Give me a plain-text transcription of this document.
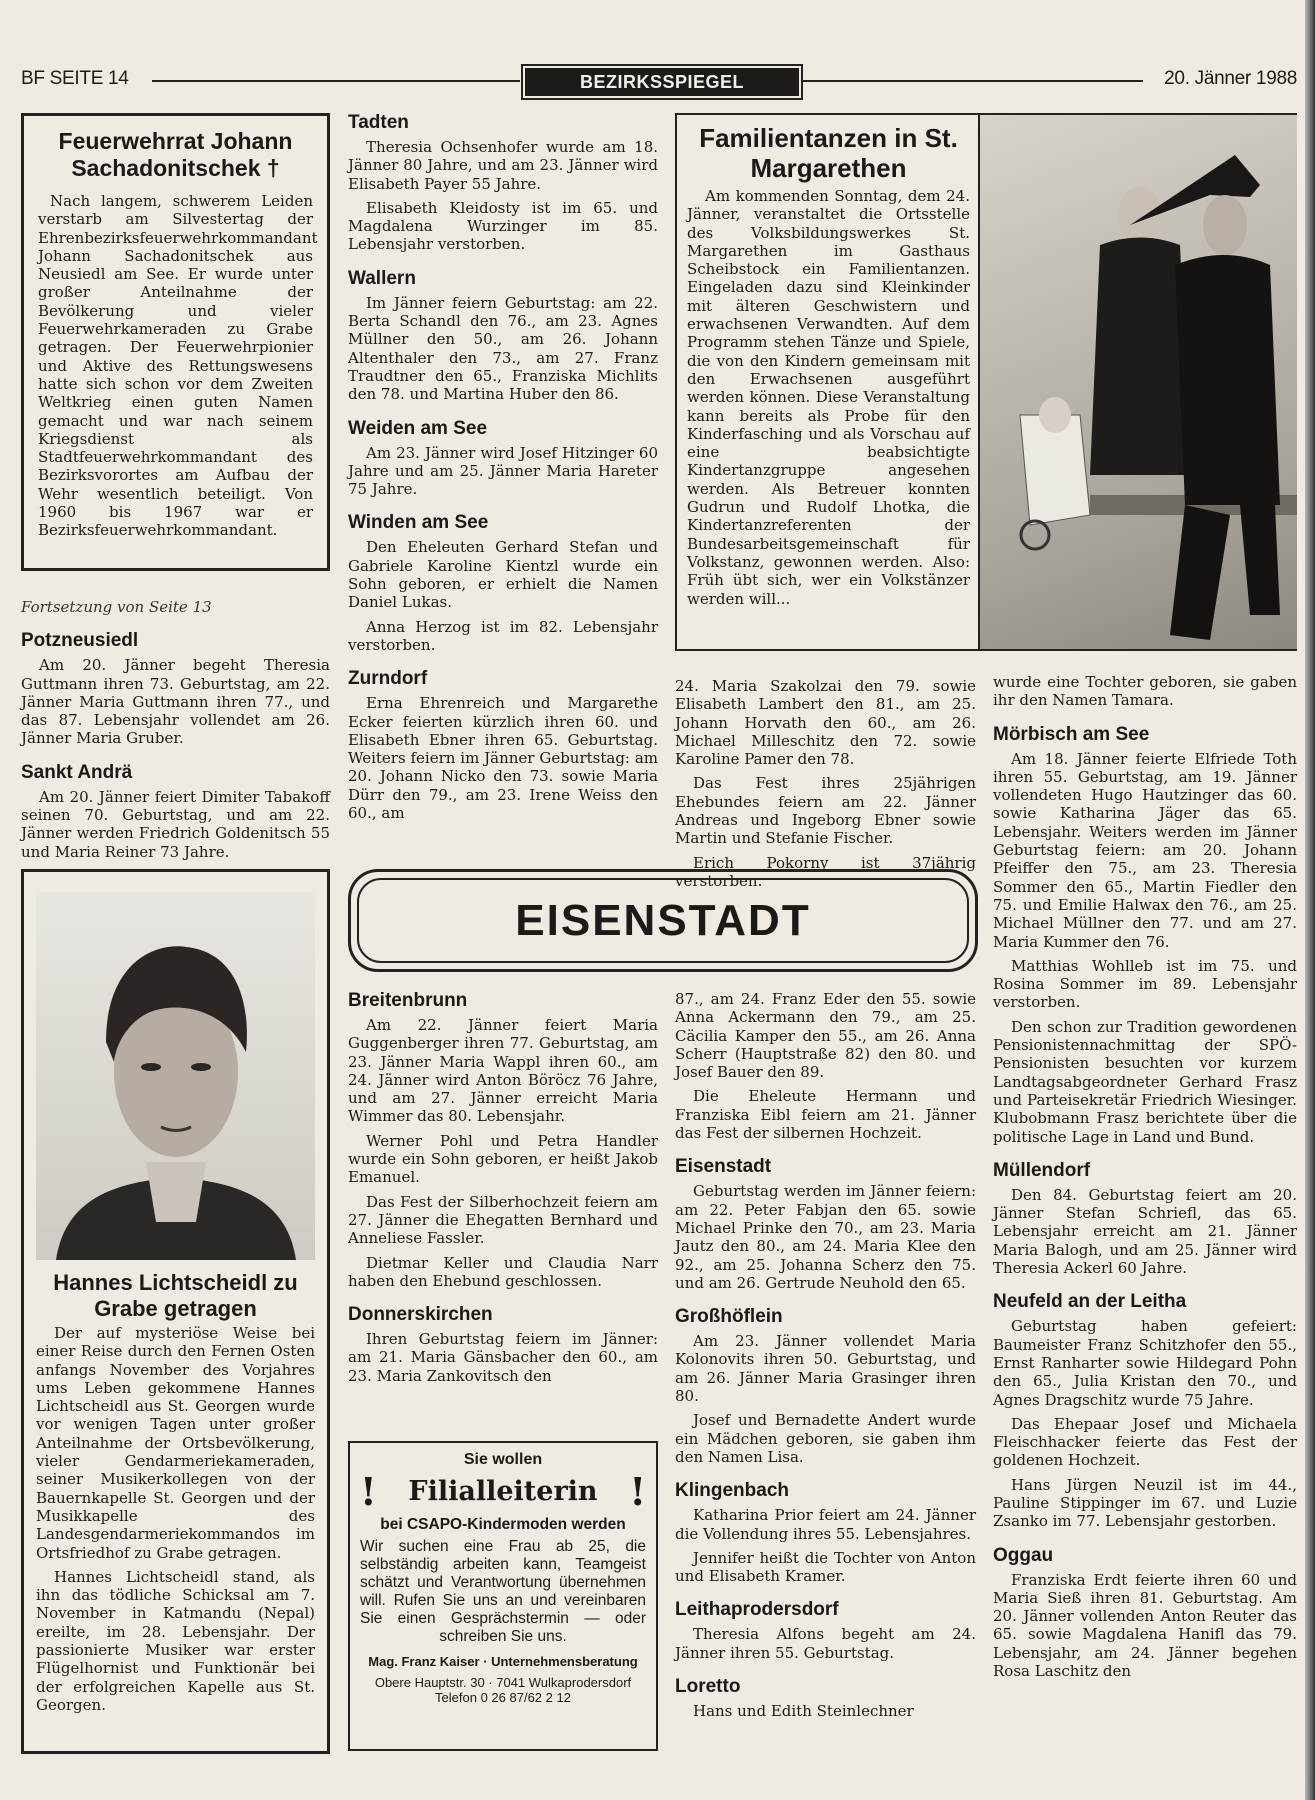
BF SEITE 14	BEZIRKSSPIEGEL	20. Jänner 1988
Feuerwehrrat Johann Sachadonitschek †

Nach langem, schwerem Leiden verstarb am Silvestertag der Ehrenbezirksfeuerwehrkommandant Johann Sachadonitschek aus Neusiedl am See. Er wurde unter großer Anteilnahme der Bevölkerung und vieler Feuerwehrkameraden zu Grabe getragen. Der Feuerwehrpionier und Aktive des Rettungswesens hatte sich schon vor dem Zweiten Weltkrieg einen guten Namen gemacht und war nach seinem Kriegsdienst als Stadtfeuerwehrkommandant des Bezirksvorortes am Aufbau der Wehr wesentlich beteiligt. Von 1960 bis 1967 war er Bezirksfeuerwehrkommandant.

Fortsetzung von Seite 13

Potzneusiedl

Am 20. Jänner begeht Theresia Guttmann ihren 73. Geburtstag, am 22. Jänner Maria Guttmann ihren 77., und das 87. Lebensjahr vollendet am 26. Jänner Maria Gruber.

Sankt Andrä

Am 20. Jänner feiert Dimiter Tabakoff seinen 70. Geburtstag, und am 22. Jänner werden Friedrich Goldenitsch 55 und Maria Reiner 73 Jahre.

Hannes Lichtscheidl zu Grabe getragen

Der auf mysteriöse Weise bei einer Reise durch den Fernen Osten anfangs November des Vorjahres ums Leben gekommene Hannes Lichtscheidl aus St. Georgen wurde vor wenigen Tagen unter großer Anteilnahme der Ortsbevölkerung, vieler Gendarmeriekameraden, seiner Musikerkollegen von der Bauernkapelle St. Georgen und der Musikkapelle des Landesgendarmeriekommandos im Ortsfriedhof zu Grabe getragen.

Hannes Lichtscheidl stand, als ihn das tödliche Schicksal am 7. November in Katmandu (Nepal) ereilte, im 28. Lebensjahr. Der passionierte Musiker war erster Flügelhornist und Funktionär bei der erfolgreichen Kapelle aus St. Georgen.

Tadten

Theresia Ochsenhofer wurde am 18. Jänner 80 Jahre, und am 23. Jänner wird Elisabeth Payer 55 Jahre.

Elisabeth Kleidosty ist im 65. und Magdalena Wurzinger im 85. Lebensjahr verstorben.

Wallern

Im Jänner feiern Geburtstag: am 22. Berta Schandl den 76., am 23. Agnes Müllner den 50., am 26. Johann Altenthaler den 73., am 27. Franz Traudtner den 65., Franziska Michlits den 78. und Martina Huber den 86.

Weiden am See

Am 23. Jänner wird Josef Hitzinger 60 Jahre und am 25. Jänner Maria Hareter 75 Jahre.

Winden am See

Den Eheleuten Gerhard Stefan und Gabriele Karoline Kientzl wurde ein Sohn geboren, er erhielt die Namen Daniel Lukas.

Anna Herzog ist im 82. Lebensjahr verstorben.

Zurndorf

Erna Ehrenreich und Margarethe Ecker feierten kürzlich ihren 60. und Elisabeth Ebner ihren 65. Geburtstag. Weiters feiern im Jänner Geburtstag: am 20. Johann Nicko den 73. sowie Maria Dürr den 79., am 23. Irene Weiss den 60., am

Familientanzen in St. Margarethen

Am kommenden Sonntag, dem 24. Jänner, veranstaltet die Ortsstelle des Volksbildungswerkes St. Margarethen im Gasthaus Scheibstock ein Familientanzen. Eingeladen dazu sind Kleinkinder mit älteren Geschwistern und erwachsenen Verwandten. Auf dem Programm stehen Tänze und Spiele, die von den Kindern gemeinsam mit den Erwachsenen ausgeführt werden können. Diese Veranstaltung kann bereits als Probe für den Kinderfasching und als Vorschau auf eine beabsichtigte Kindertanzgruppe angesehen werden. Als Betreuer konnten Gudrun und Rudolf Lhotka, die Kindertanzreferenten der Bundesarbeitsgemeinschaft für Volkstanz, gewonnen werden. Also: Früh übt sich, wer ein Volkstänzer werden will...

24. Maria Szakolzai den 79. sowie Elisabeth Lambert den 81., am 25. Johann Horvath den 60., am 26. Michael Milleschitz den 72. sowie Karoline Pamer den 78.

Das Fest ihres 25jährigen Ehebundes feiern am 22. Jänner Andreas und Ingeborg Ebner sowie Martin und Stefanie Fischer.

Erich Pokorny ist 37jährig verstorben.

wurde eine Tochter geboren, sie gaben ihr den Namen Tamara.

Mörbisch am See

Am 18. Jänner feierte Elfriede Toth ihren 55. Geburtstag, am 19. Jänner vollendeten Hugo Hautzinger das 60. sowie Katharina Jäger das 65. Lebensjahr. Weiters werden im Jänner Geburtstag feiern: am 20. Johann Pfeiffer den 75., am 23. Theresia Sommer den 65., Martin Fiedler den 75. und Emilie Halwax den 76., am 25. Michael Müllner den 77. und am 27. Maria Kummer den 76.

Matthias Wohlleb ist im 75. und Rosina Sommer im 89. Lebensjahr verstorben.

Den schon zur Tradition gewordenen Pensionistennachmittag der SPÖ-Pensionisten besuchten vor kurzem Landtagsabgeordneter Gerhard Frasz und Parteisekretär Friedrich Wiesinger. Klubobmann Frasz berichtete über die politische Lage in Land und Bund.

Müllendorf

Den 84. Geburtstag feiert am 20. Jänner Stefan Schriefl, das 65. Lebensjahr erreicht am 21. Jänner Maria Balogh, und am 25. Jänner wird Theresia Ackerl 60 Jahre.

Neufeld an der Leitha

Geburtstag haben gefeiert: Baumeister Franz Schitzhofer den 55., Ernst Ranharter sowie Hildegard Pohn den 65., Julia Kristan den 70., und Agnes Dragschitz wurde 75 Jahre.

Das Ehepaar Josef und Michaela Fleischhacker feierte das Fest der goldenen Hochzeit.

Hans Jürgen Neuzil ist im 44., Pauline Stippinger im 67. und Luzie Zsanko im 77. Lebensjahr gestorben.

Oggau

Franziska Erdt feierte ihren 60 und Maria Sieß ihren 81. Geburtstag. Am 20. Jänner vollenden Anton Reuter das 65. sowie Magdalena Hanifl das 79. Lebensjahr, am 24. Jänner begehen Rosa Laschitz den

EISENSTADT
Breitenbrunn

Am 22. Jänner feiert Maria Guggenberger ihren 77. Geburtstag, am 23. Jänner Maria Wappl ihren 60., am 24. Jänner wird Anton Böröcz 76 Jahre, und am 27. Jänner erreicht Maria Wimmer das 80. Lebensjahr.

Werner Pohl und Petra Handler wurde ein Sohn geboren, er heißt Jakob Emanuel.

Das Fest der Silberhochzeit feiern am 27. Jänner die Ehegatten Bernhard und Anneliese Fassler.

Dietmar Keller und Claudia Narr haben den Ehebund geschlossen.

Donnerskirchen

Ihren Geburtstag feiern im Jänner: am 21. Maria Gänsbacher den 60., am 23. Maria Zankovitsch den

Sie wollen
! Filialleiterin !
bei CSAPO-Kindermoden werden
Wir suchen eine Frau ab 25, die selbständig arbeiten kann, Teamgeist schätzt und Verantwortung übernehmen will. Rufen Sie uns an und vereinbaren Sie einen Gesprächstermin — oder schreiben Sie uns.
Mag. Franz Kaiser · Unternehmensberatung
Obere Hauptstr. 30 · 7041 Wulkaprodersdorf
Telefon 0 26 87/62 2 12

87., am 24. Franz Eder den 55. sowie Anna Ackermann den 79., am 25. Cäcilia Kamper den 55., am 26. Anna Scherr (Hauptstraße 82) den 80. und Josef Bauer den 89.

Die Eheleute Hermann und Franziska Eibl feiern am 21. Jänner das Fest der silbernen Hochzeit.

Eisenstadt

Geburtstag werden im Jänner feiern: am 22. Peter Fabjan den 65. sowie Michael Prinke den 70., am 23. Maria Jautz den 80., am 24. Maria Klee den 92., am 25. Johanna Scherz den 75. und am 26. Gertrude Neuhold den 65.

Großhöflein

Am 23. Jänner vollendet Maria Kolonovits ihren 50. Geburtstag, und am 26. Jänner Maria Grasinger ihren 80.

Josef und Bernadette Andert wurde ein Mädchen geboren, sie gaben ihm den Namen Lisa.

Klingenbach

Katharina Prior feiert am 24. Jänner die Vollendung ihres 55. Lebensjahres.

Jennifer heißt die Tochter von Anton und Elisabeth Kramer.

Leithaprodersdorf

Theresia Alfons begeht am 24. Jänner ihren 55. Geburtstag.

Loretto

Hans und Edith Steinlechner
